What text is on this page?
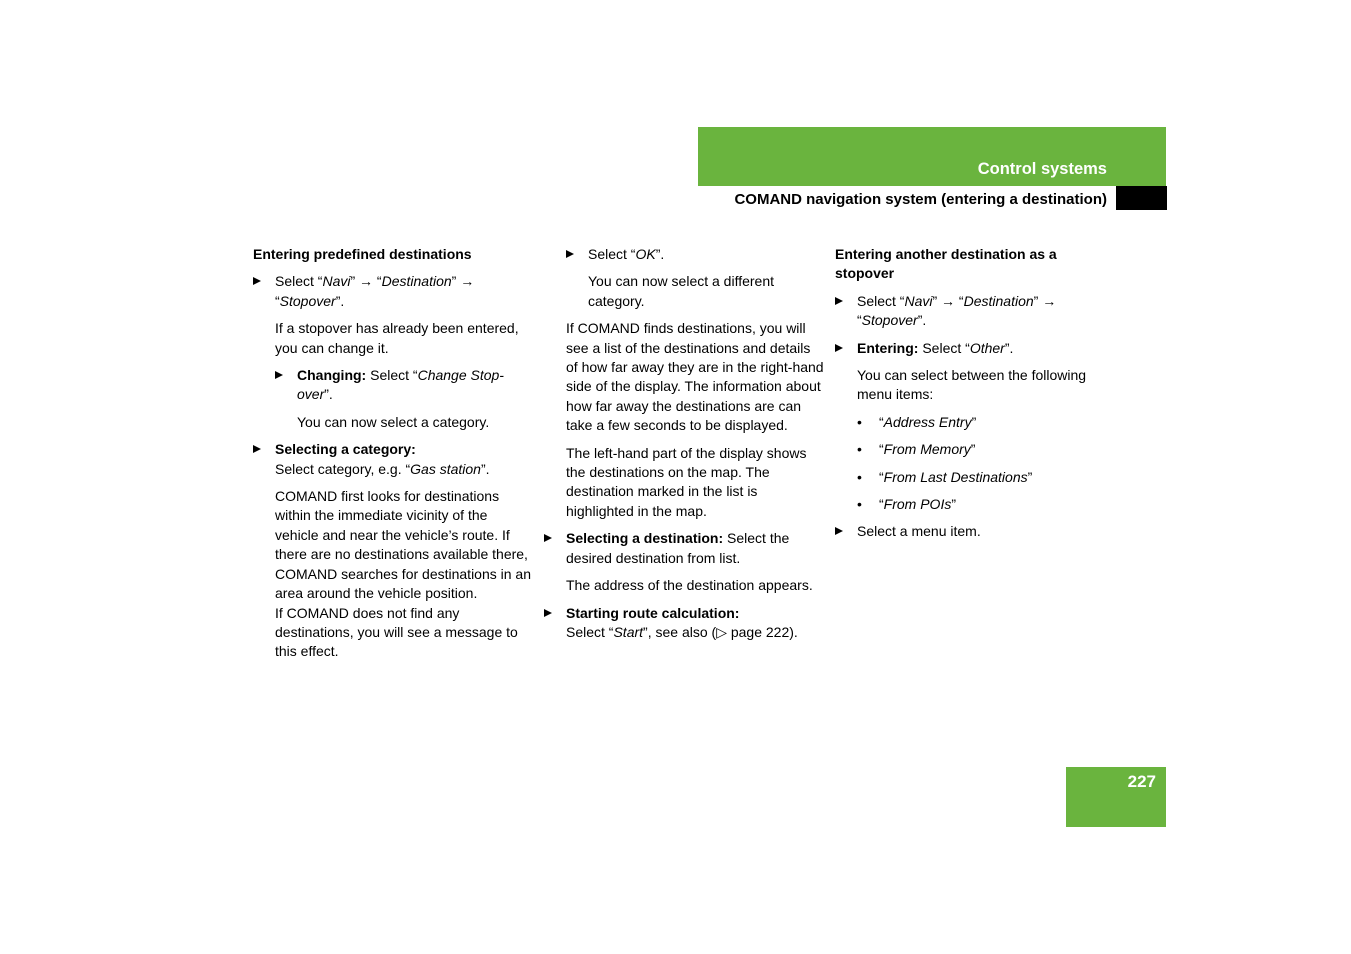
Control systems
COMAND navigation system (entering a destination)
Entering predefined destinations
Select “Navi” → “Destination” →
“Stopover”.
If a stopover has already been entered, you can change it.
Changing: Select “Change Stop-over”.
You can now select a category.
Selecting a category:
Select category, e.g. “Gas station”.
COMAND first looks for destinations within the immediate vicinity of the vehicle and near the vehicle’s route. If there are no destinations available there, COMAND searches for destinations in an area around the vehicle position.
If COMAND does not find any destinations, you will see a message to this effect.
Select “OK”.
You can now select a different category.
If COMAND finds destinations, you will see a list of the destinations and details of how far away they are in the right-hand side of the display. The information about how far away the destinations are can take a few seconds to be displayed.
The left-hand part of the display shows the destinations on the map. The destination marked in the list is highlighted in the map.
Selecting a destination: Select the desired destination from list.
The address of the destination appears.
Starting route calculation:
Select “Start”, see also (▷ page 222).
Entering another destination as a stopover
Select “Navi” → “Destination” →
“Stopover”.
Entering: Select “Other”.
You can select between the following menu items:
• “Address Entry”
• “From Memory”
• “From Last Destinations”
• “From POIs”
Select a menu item.
227
